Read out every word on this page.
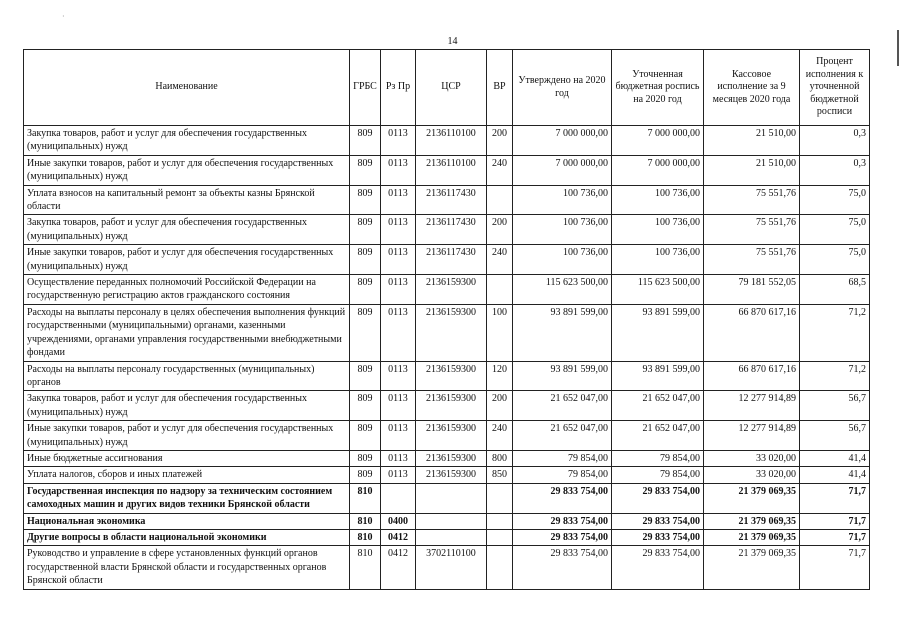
·
14
Наименование	ГРБС	Рз Пр	ЦСР	ВР	Утверждено на 2020 год	Уточненная бюджетная роспись на 2020 год	Кассовое исполнение за 9 месяцев 2020 года	Процент исполнения к уточненной бюджетной росписи
Закупка товаров, работ и услуг для обеспечения государственных (муниципальных) нужд	809	0113	2136110100	200	7 000 000,00	7 000 000,00	21 510,00	0,3
Иные закупки товаров, работ и услуг для обеспечения государственных (муниципальных) нужд	809	0113	2136110100	240	7 000 000,00	7 000 000,00	21 510,00	0,3
Уплата взносов на капитальный ремонт за объекты казны Брянской области	809	0113	2136117430		100 736,00	100 736,00	75 551,76	75,0
Закупка товаров, работ и услуг для обеспечения государственных (муниципальных) нужд	809	0113	2136117430	200	100 736,00	100 736,00	75 551,76	75,0
Иные закупки товаров, работ и услуг для обеспечения государственных (муниципальных) нужд	809	0113	2136117430	240	100 736,00	100 736,00	75 551,76	75,0
Осуществление переданных полномочий Российской Федерации на государственную регистрацию актов гражданского состояния	809	0113	2136159300		115 623 500,00	115 623 500,00	79 181 552,05	68,5
Расходы на выплаты персоналу в целях обеспечения выполнения функций государственными (муниципальными) органами, казенными учреждениями, органами управления государственными внебюджетными фондами	809	0113	2136159300	100	93 891 599,00	93 891 599,00	66 870 617,16	71,2
Расходы на выплаты персоналу государственных (муниципальных) органов	809	0113	2136159300	120	93 891 599,00	93 891 599,00	66 870 617,16	71,2
Закупка товаров, работ и услуг для обеспечения государственных (муниципальных) нужд	809	0113	2136159300	200	21 652 047,00	21 652 047,00	12 277 914,89	56,7
Иные закупки товаров, работ и услуг для обеспечения государственных (муниципальных) нужд	809	0113	2136159300	240	21 652 047,00	21 652 047,00	12 277 914,89	56,7
Иные бюджетные ассигнования	809	0113	2136159300	800	79 854,00	79 854,00	33 020,00	41,4
Уплата налогов, сборов и иных платежей	809	0113	2136159300	850	79 854,00	79 854,00	33 020,00	41,4
Государственная инспекция по надзору за техническим состоянием самоходных машин и других видов техники Брянской области	810				29 833 754,00	29 833 754,00	21 379 069,35	71,7
Национальная экономика	810	0400			29 833 754,00	29 833 754,00	21 379 069,35	71,7
Другие вопросы в области национальной экономики	810	0412			29 833 754,00	29 833 754,00	21 379 069,35	71,7
Руководство и управление в сфере установленных функций органов государственной власти Брянской области и государственных органов Брянской области	810	0412	3702110100		29 833 754,00	29 833 754,00	21 379 069,35	71,7
